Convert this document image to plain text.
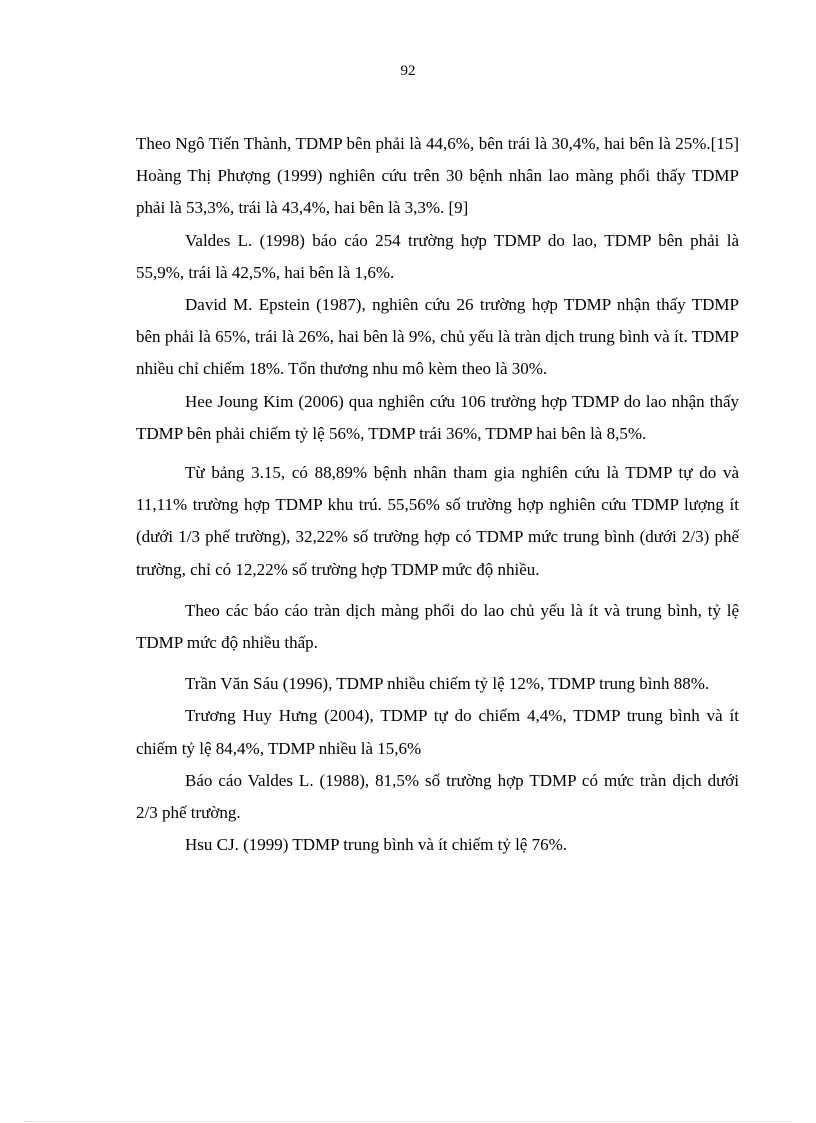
92

Theo Ngô Tiến Thành, TDMP bên phải là 44,6%, bên trái là 30,4%, hai bên là 25%.[15] Hoàng Thị Phượng (1999) nghiên cứu trên 30 bệnh nhân lao màng phổi thấy TDMP phải là 53,3%, trái là 43,4%, hai bên là 3,3%. [9]

Valdes L. (1998) báo cáo 254 trường hợp TDMP do lao, TDMP bên phải là 55,9%, trái là 42,5%, hai bên là 1,6%.

David M. Epstein (1987), nghiên cứu 26 trường hợp TDMP nhận thấy TDMP bên phải là 65%, trái là 26%, hai bên là 9%, chủ yếu là tràn dịch trung bình và ít. TDMP nhiều chỉ chiếm 18%. Tổn thương nhu mô kèm theo là 30%.

Hee Joung Kim (2006) qua nghiên cứu 106 trường hợp TDMP do lao nhận thấy TDMP bên phải chiếm tỷ lệ 56%, TDMP trái 36%, TDMP hai bên là 8,5%.

Từ bảng 3.15, có 88,89% bệnh nhân tham gia nghiên cứu là TDMP tự do và 11,11% trường hợp TDMP khu trú. 55,56% số trường hợp nghiên cứu TDMP lượng ít (dưới 1/3 phế trường), 32,22% số trường hợp có TDMP mức trung bình (dưới 2/3) phế trường, chỉ có 12,22% số trường hợp TDMP mức độ nhiều.

Theo các báo cáo tràn dịch màng phổi do lao chủ yếu là ít và trung bình, tỷ lệ TDMP mức độ nhiều thấp.

Trần Văn Sáu (1996), TDMP nhiều chiếm tỷ lệ 12%, TDMP trung bình 88%.

Trương Huy Hưng (2004), TDMP tự do chiếm 4,4%, TDMP trung bình và ít chiếm tỷ lệ 84,4%, TDMP nhiều là 15,6%

Báo cáo Valdes L. (1988), 81,5% số trường hợp TDMP có mức tràn dịch dưới 2/3 phế trường.

Hsu CJ. (1999) TDMP trung bình và ít chiếm tỷ lệ 76%.
